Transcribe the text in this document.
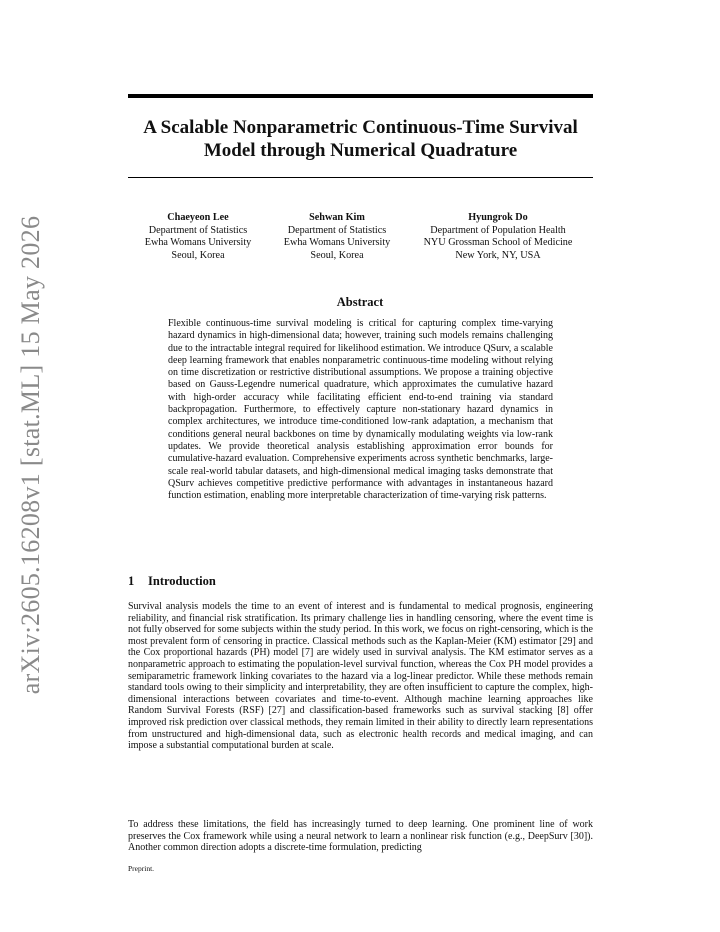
arXiv:2605.16208v1 [stat.ML] 15 May 2026
A Scalable Nonparametric Continuous-Time Survival
Model through Numerical Quadrature
Chaeyeon Lee
Department of Statistics
Ewha Womans University
Seoul, Korea
Sehwan Kim
Department of Statistics
Ewha Womans University
Seoul, Korea
Hyungrok Do
Department of Population Health
NYU Grossman School of Medicine
New York, NY, USA
Abstract

Flexible continuous-time survival modeling is critical for capturing complex time-varying hazard dynamics in high-dimensional data; however, training such models remains challenging due to the intractable integral required for likelihood estimation. We introduce QSurv, a scalable deep learning framework that enables nonparametric continuous-time modeling without relying on time discretization or restrictive distributional assumptions. We propose a training objective based on Gauss-Legendre numerical quadrature, which approximates the cumulative hazard with high-order accuracy while facilitating efficient end-to-end training via standard backpropagation. Furthermore, to effectively capture non-stationary hazard dynamics in complex architectures, we introduce time-conditioned low-rank adaptation, a mechanism that conditions general neural backbones on time by dynamically modulating weights via low-rank updates. We provide theoretical analysis establishing approximation error bounds for cumulative-hazard evaluation. Comprehensive experiments across synthetic benchmarks, large-scale real-world tabular datasets, and high-dimensional medical imaging tasks demonstrate that QSurv achieves competitive predictive performance with advantages in instantaneous hazard function estimation, enabling more interpretable characterization of time-varying risk patterns.

1 Introduction

Survival analysis models the time to an event of interest and is fundamental to medical prognosis, engineering reliability, and financial risk stratification. Its primary challenge lies in handling censoring, where the event time is not fully observed for some subjects within the study period. In this work, we focus on right-censoring, which is the most prevalent form of censoring in practice. Classical methods such as the Kaplan-Meier (KM) estimator [29] and the Cox proportional hazards (PH) model [7] are widely used in survival analysis. The KM estimator serves as a nonparametric approach to estimating the population-level survival function, whereas the Cox PH model provides a semiparametric framework linking covariates to the hazard via a log-linear predictor. While these methods remain standard tools owing to their simplicity and interpretability, they are often insufficient to capture the complex, high-dimensional interactions between covariates and time-to-event. Although machine learning approaches like Random Survival Forests (RSF) [27] and classification-based frameworks such as survival stacking [8] offer improved risk prediction over classical methods, they remain limited in their ability to directly learn representations from unstructured and high-dimensional data, such as electronic health records and medical imaging, and can impose a substantial computational burden at scale.

To address these limitations, the field has increasingly turned to deep learning. One prominent line of work preserves the Cox framework while using a neural network to learn a nonlinear risk function (e.g., DeepSurv [30]). Another common direction adopts a discrete-time formulation, predicting

Preprint.
